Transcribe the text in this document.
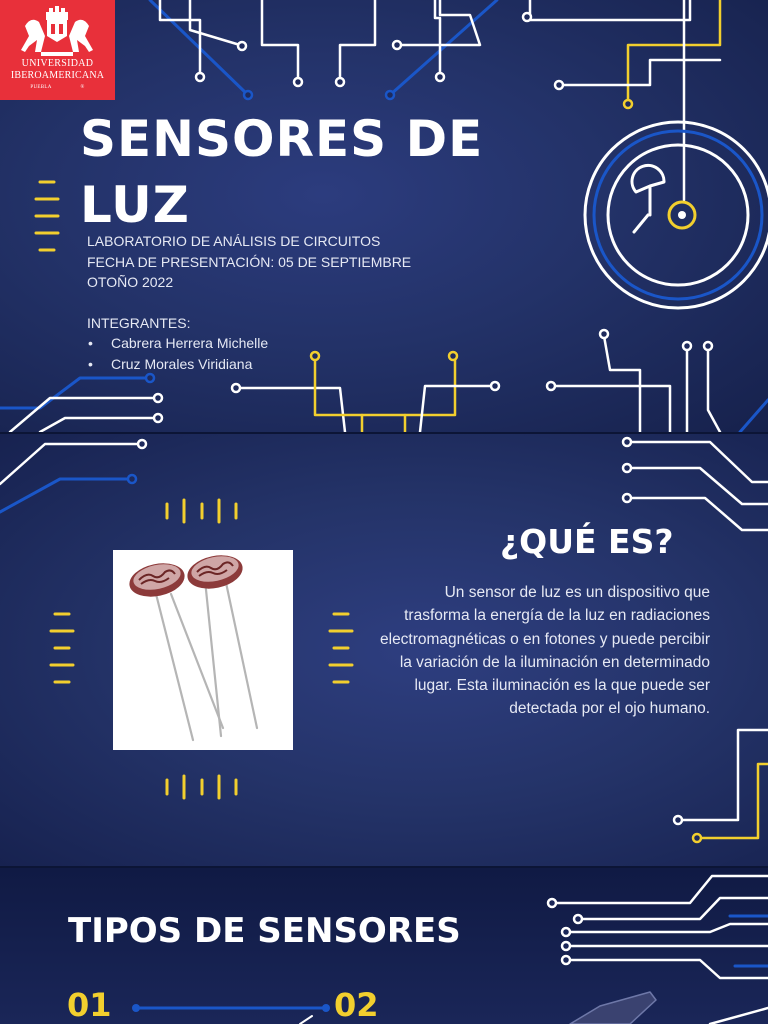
UNIVERSIDAD
IBEROAMERICANA
PUEBLA	®
SENSORES DE LUZ

LABORATORIO DE ANÁLISIS DE CIRCUITOS

FECHA DE PRESENTACIÓN: 05 DE SEPTIEMBRE

OTOÑO 2022

INTEGRANTES:

• Cabrera Herrera Michelle
• Cruz Morales Viridiana
¿QUÉ ES?

Un sensor de luz es un dispositivo que trasforma la energía de la luz en radiaciones electromagnéticas o en fotones y puede percibir la variación de la iluminación en determinado lugar. Esta iluminación es la que puede ser detectada por el ojo humano.

TIPOS DE SENSORES

01	02
